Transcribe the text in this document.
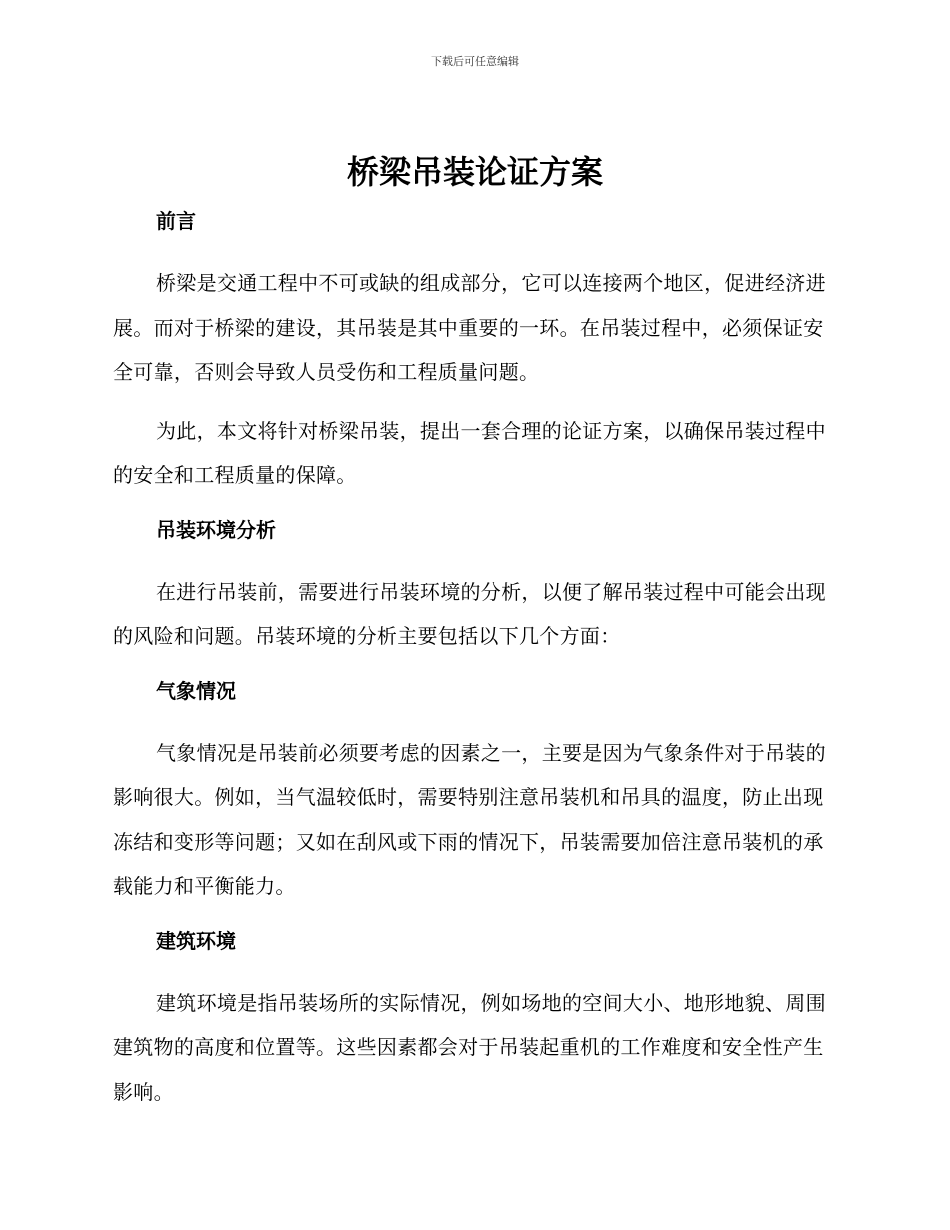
下载后可任意编辑
桥梁吊装论证方案
前言

桥梁是交通工程中不可或缺的组成部分，它可以连接两个地区，促进经济进展。而对于桥梁的建设，其吊装是其中重要的一环。在吊装过程中，必须保证安全可靠，否则会导致人员受伤和工程质量问题。

为此，本文将针对桥梁吊装，提出一套合理的论证方案，以确保吊装过程中的安全和工程质量的保障。

吊装环境分析

在进行吊装前，需要进行吊装环境的分析，以便了解吊装过程中可能会出现的风险和问题。吊装环境的分析主要包括以下几个方面：

气象情况

气象情况是吊装前必须要考虑的因素之一，主要是因为气象条件对于吊装的影响很大。例如，当气温较低时，需要特别注意吊装机和吊具的温度，防止出现冻结和变形等问题；又如在刮风或下雨的情况下，吊装需要加倍注意吊装机的承载能力和平衡能力。

建筑环境

建筑环境是指吊装场所的实际情况，例如场地的空间大小、地形地貌、周围建筑物的高度和位置等。这些因素都会对于吊装起重机的工作难度和安全性产生影响。
